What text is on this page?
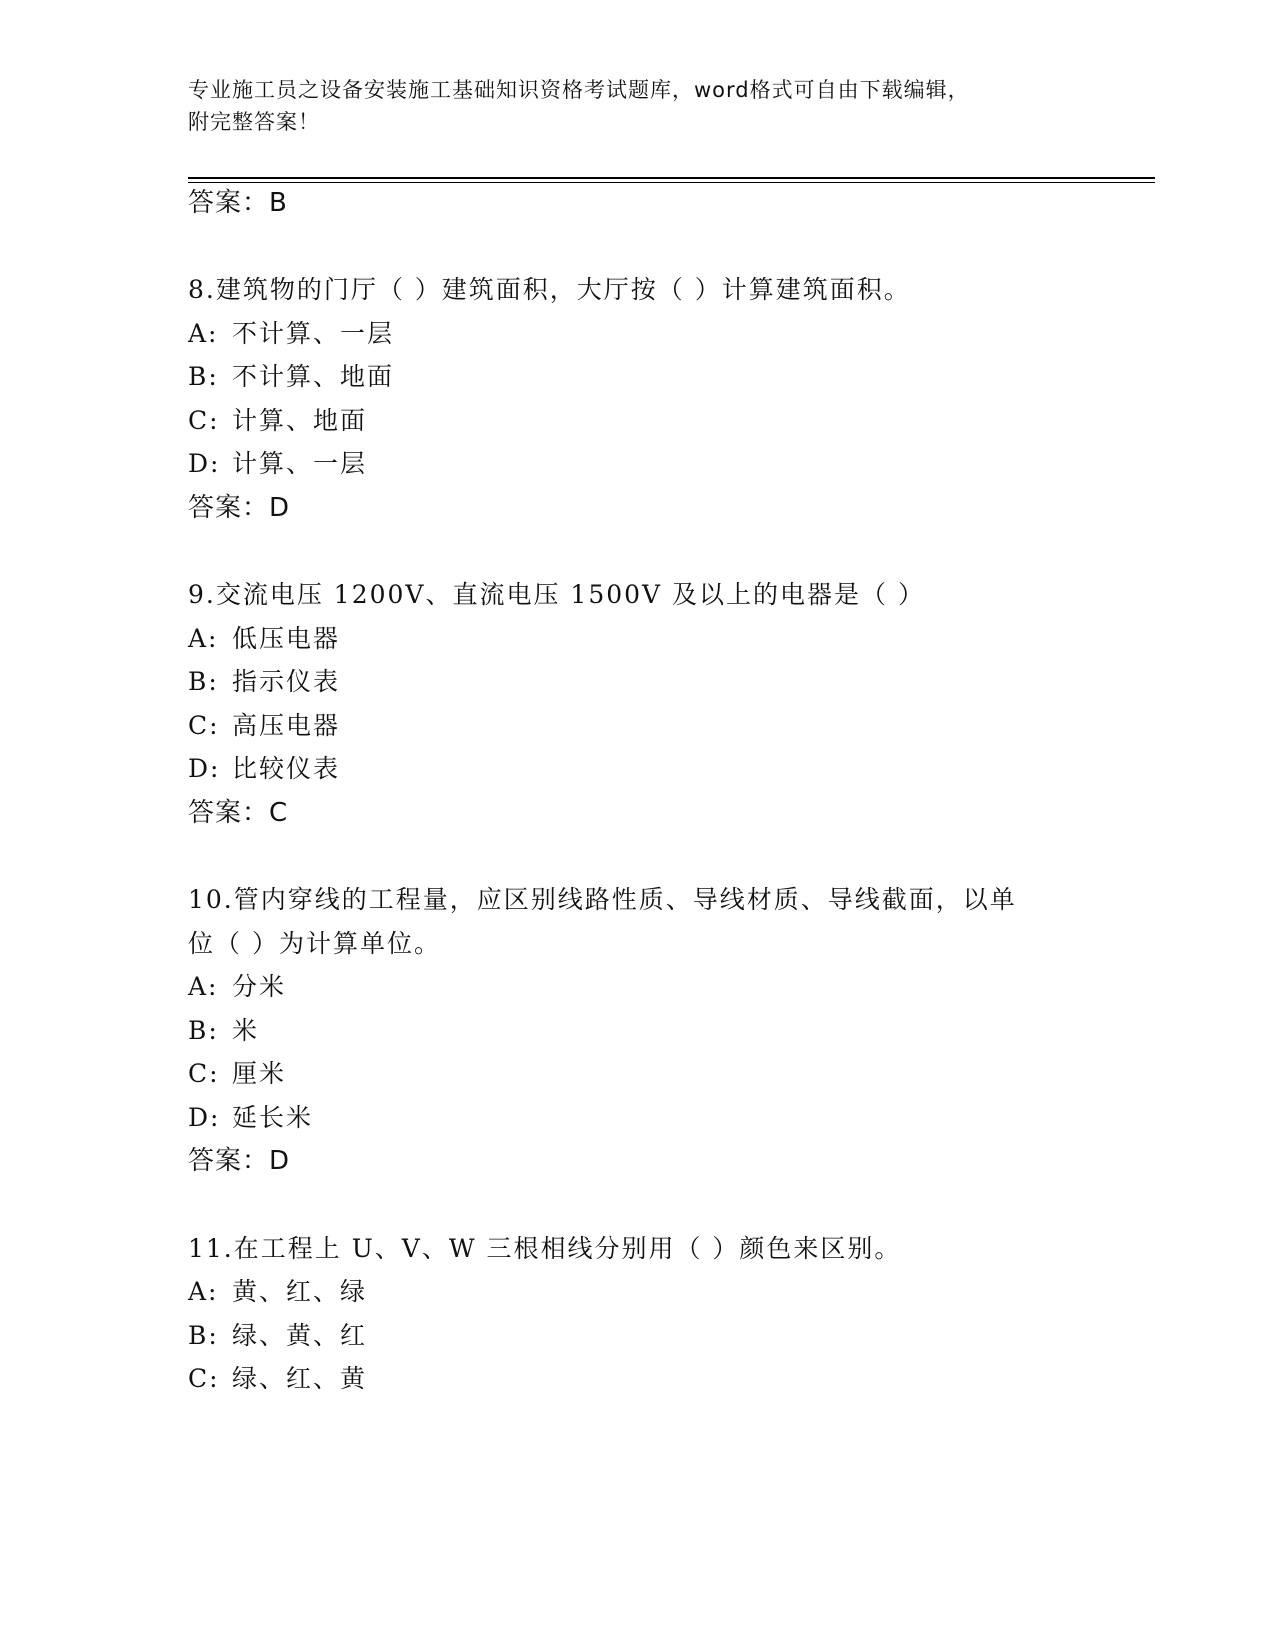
专业施工员之设备安装施工基础知识资格考试题库，word格式可自由下载编辑，
附完整答案！
答案：B
8.建筑物的门厅（ ）建筑面积，大厅按（ ）计算建筑面积。
A: 不计算、一层
B: 不计算、地面
C: 计算、地面
D: 计算、一层
答案：D
9.交流电压 1200V、直流电压 1500V 及以上的电器是（ ）
A: 低压电器
B: 指示仪表
C: 高压电器
D: 比较仪表
答案：C
10.管内穿线的工程量，应区别线路性质、导线材质、导线截面，以单
位（ ）为计算单位。
A: 分米
B: 米
C: 厘米
D: 延长米
答案：D
11.在工程上 U、V、W 三根相线分别用（ ）颜色来区别。
A: 黄、红、绿
B: 绿、黄、红
C: 绿、红、黄
